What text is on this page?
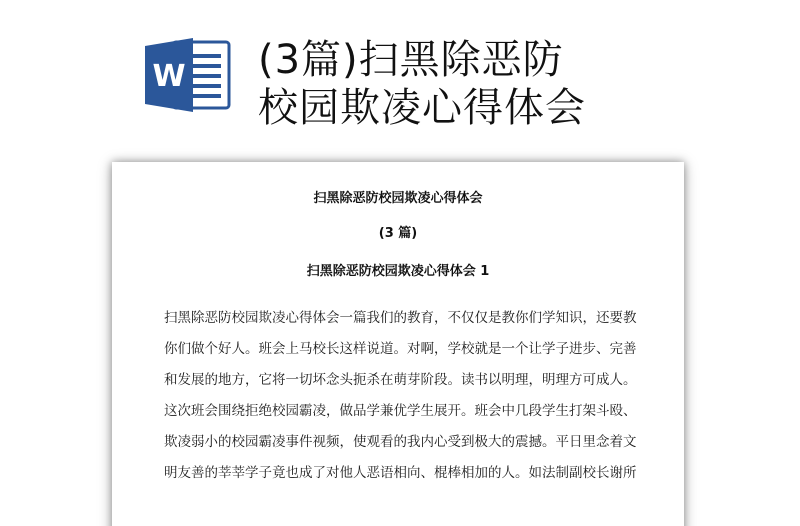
W (3篇)扫黑除恶防
校园欺凌心得体会
扫黑除恶防校园欺凌心得体会
(3 篇)
扫黑除恶防校园欺凌心得体会 1
扫黑除恶防校园欺凌心得体会一篇我们的教育，不仅仅是教你们学知识，还要教
你们做个好人。班会上马校长这样说道。对啊，学校就是一个让学子进步、完善
和发展的地方，它将一切坏念头扼杀在萌芽阶段。读书以明理，明理方可成人。
这次班会围绕拒绝校园霸凌，做品学兼优学生展开。班会中几段学生打架斗殴、
欺凌弱小的校园霸凌事件视频，使观看的我内心受到极大的震撼。平日里念着文
明友善的莘莘学子竟也成了对他人恶语相向、棍棒相加的人。如法制副校长谢所
